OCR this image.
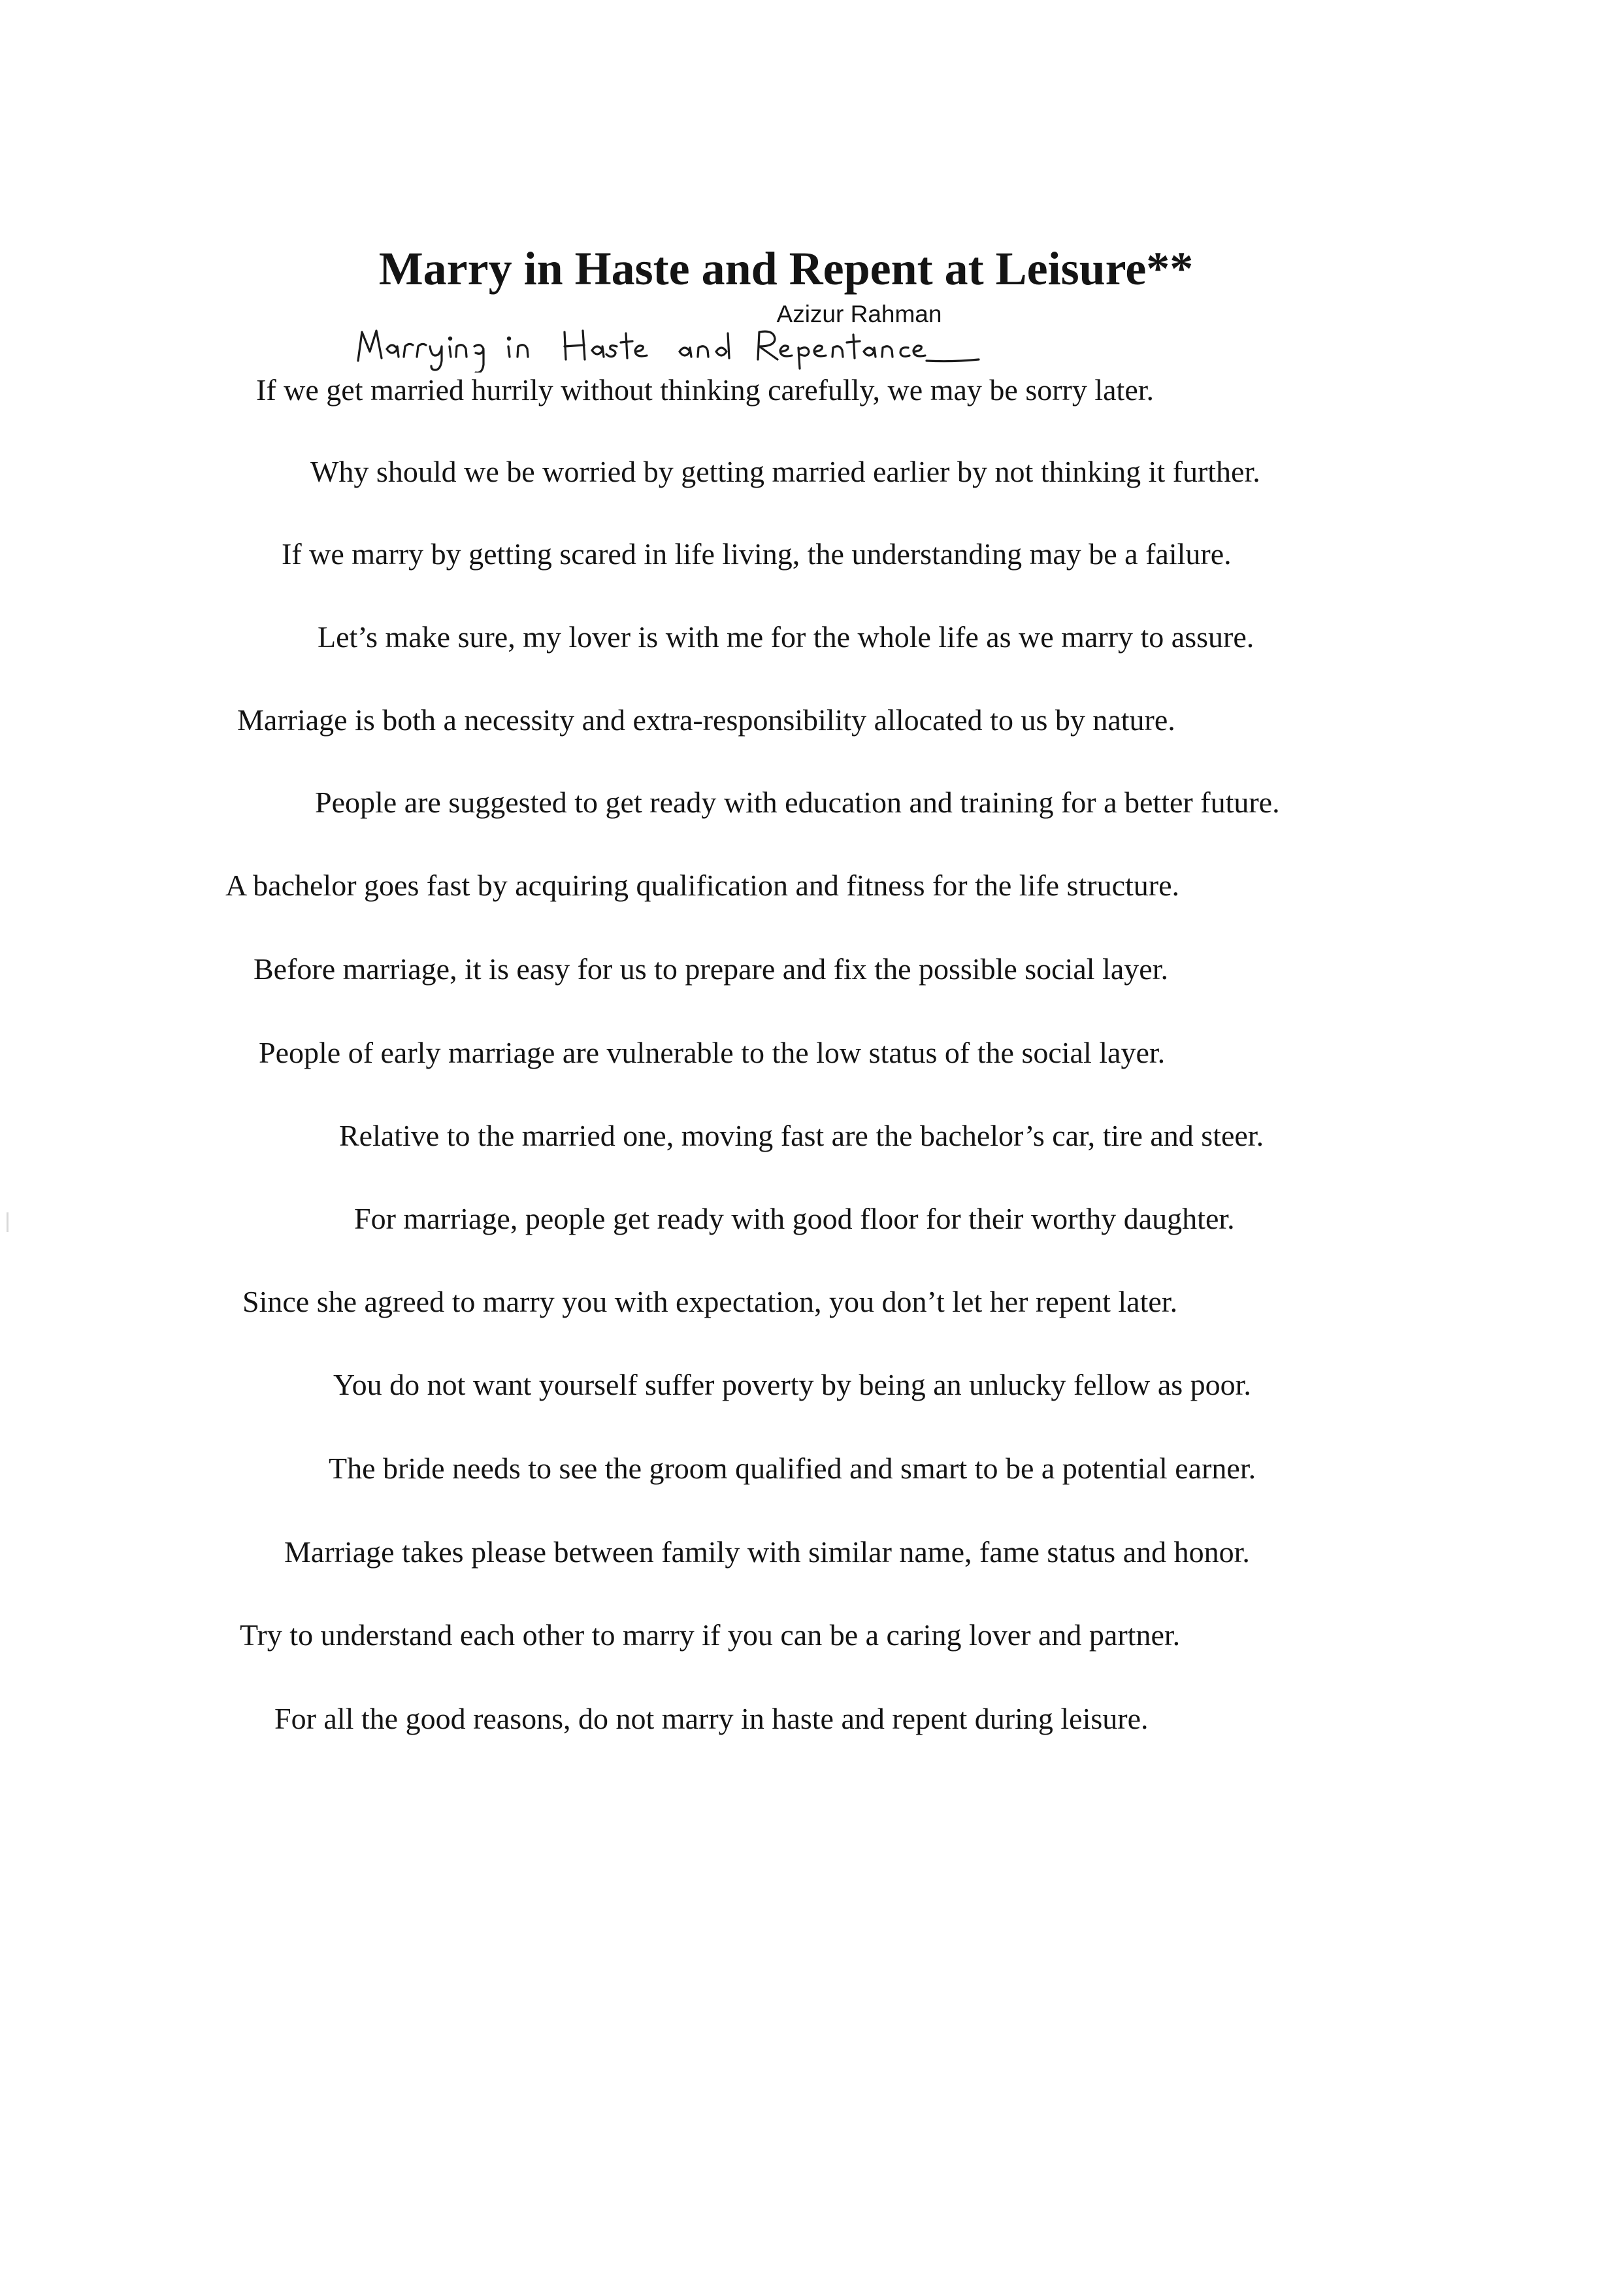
Marry in Haste and Repent at Leisure**
Azizur Rahman
If we get married hurrily without thinking carefully, we may be sorry later.
Why should we be worried by getting married earlier by not thinking it further.
If we marry by getting scared in life living, the understanding may be a failure.
Let’s make sure, my lover is with me for the whole life as we marry to assure.
Marriage is both a necessity and extra-responsibility allocated to us by nature.
People are suggested to get ready with education and training for a better future.
A bachelor goes fast by acquiring qualification and fitness for the life structure.
Before marriage, it is easy for us to prepare and fix the possible social layer.
People of early marriage are vulnerable to the low status of the social layer.
Relative to the married one, moving fast are the bachelor’s car, tire and steer.
For marriage, people get ready with good floor for their worthy daughter.
Since she agreed to marry you with expectation, you don’t let her repent later.
You do not want yourself suffer poverty by being an unlucky fellow as poor.
The bride needs to see the groom qualified and smart to be a potential earner.
Marriage takes please between family with similar name, fame status and honor.
Try to understand each other to marry if you can be a caring lover and partner.
For all the good reasons, do not marry in haste and repent during leisure.
